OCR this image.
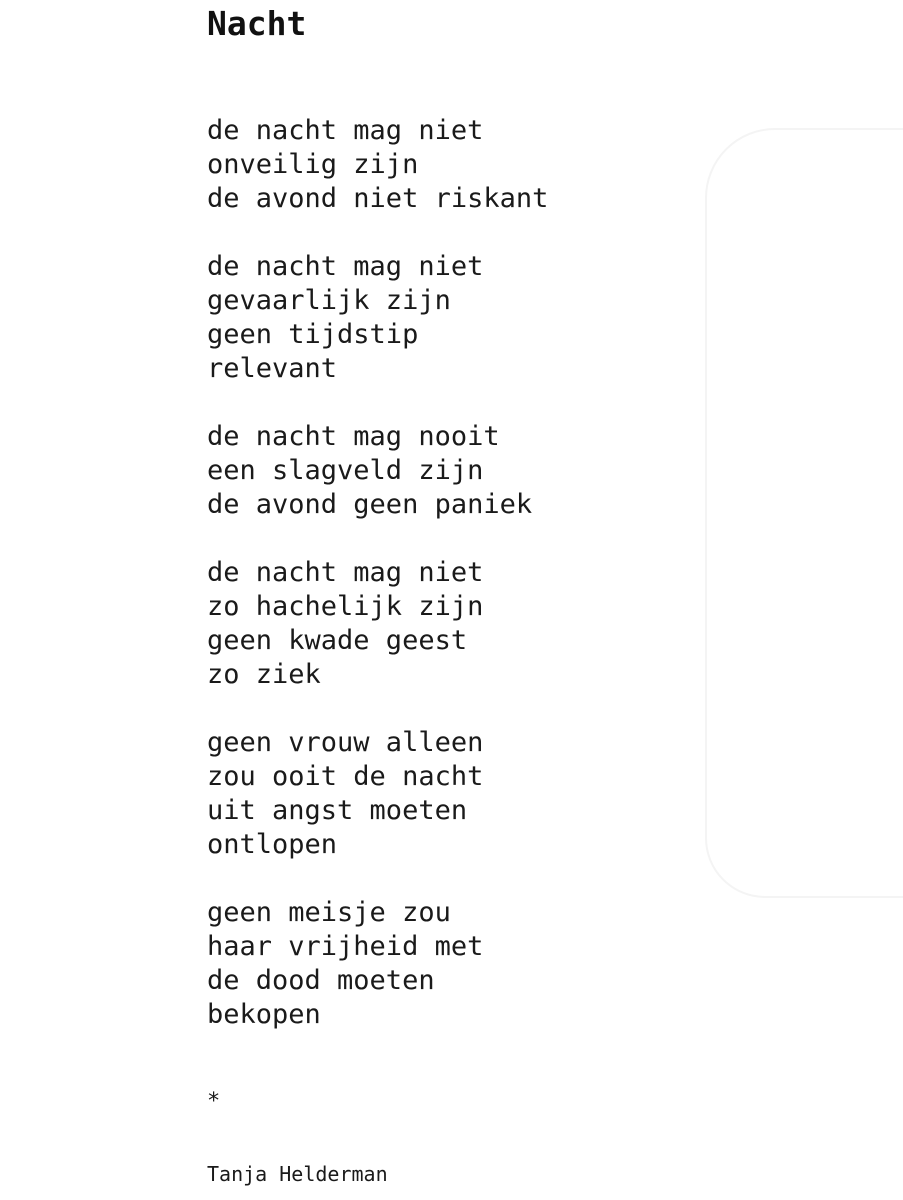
Nacht
de nacht mag niet
onveilig zijn
de avond niet riskant
de nacht mag niet
gevaarlijk zijn
geen tijdstip
relevant
de nacht mag nooit
een slagveld zijn
de avond geen paniek
de nacht mag niet
zo hachelijk zijn
geen kwade geest
zo ziek
geen vrouw alleen
zou ooit de nacht
uit angst moeten
ontlopen
geen meisje zou
haar vrijheid met
de dood moeten
bekopen
*
Tanja Helderman
